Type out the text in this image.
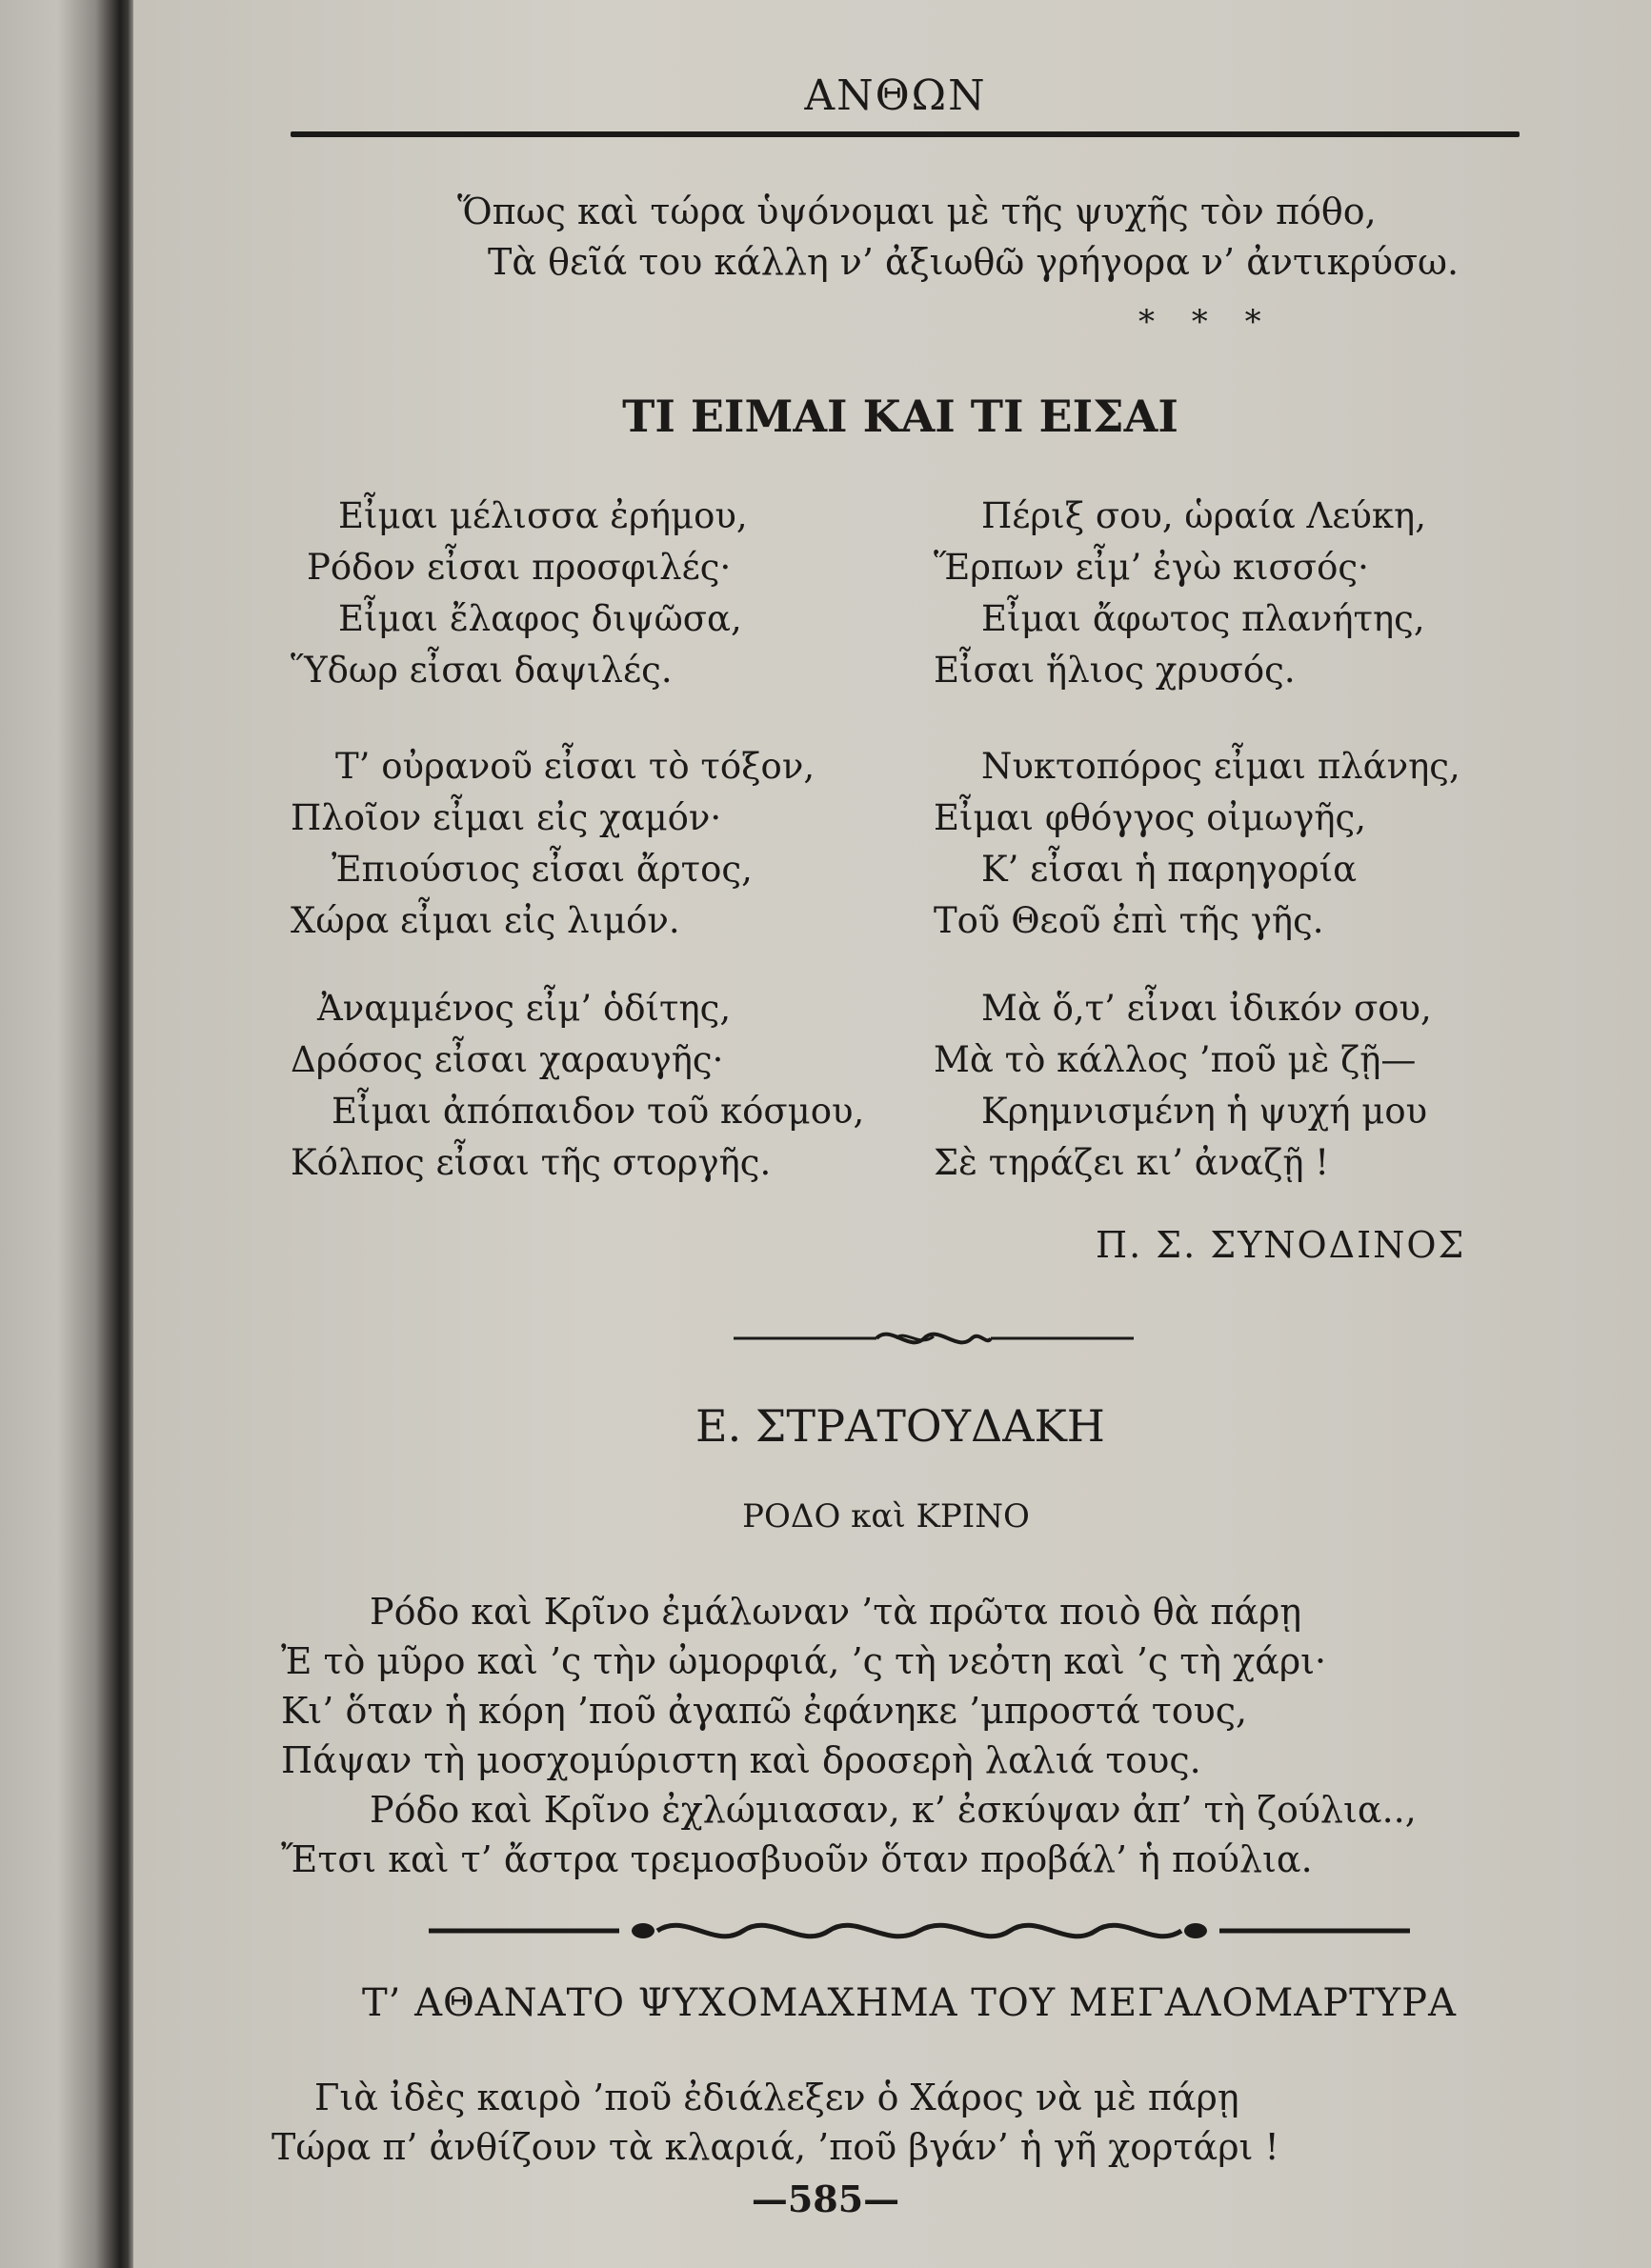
ΑΝΘΩΝ
Ὅπως καὶ τώρα ὑψόνομαι μὲ τῆς ψυχῆς τὸν πόθο,
Τὰ θεῖά του κάλλη ν’ ἀξιωθῶ γρήγορα ν’ ἀντικρύσω.
* * *
ΤΙ ΕΙΜΑΙ ΚΑΙ ΤΙ ΕΙΣΑΙ
Εἶμαι μέλισσα ἐρήμου,
Ρόδον εἶσαι προσφιλές·
Εἶμαι ἔλαφος διψῶσα,
Ὕδωρ εἶσαι δαψιλές.
Τ’ οὐρανοῦ εἶσαι τὸ τόξον,
Πλοῖον εἶμαι εἰς χαμόν·
Ἐπιούσιος εἶσαι ἄρτος,
Χώρα εἶμαι εἰς λιμόν.
Ἀναμμένος εἶμ’ ὁδίτης,
Δρόσος εἶσαι χαραυγῆς·
Εἶμαι ἀπόπαιδον τοῦ κόσμου,
Κόλπος εἶσαι τῆς στοργῆς.
Πέριξ σου, ὡραία Λεύκη,
Ἕρπων εἶμ’ ἐγὼ κισσός·
Εἶμαι ἄφωτος πλανήτης,
Εἶσαι ἥλιος χρυσός.
Νυκτοπόρος εἶμαι πλάνης,
Εἶμαι φθόγγος οἰμωγῆς,
Κ’ εἶσαι ἡ παρηγορία
Τοῦ Θεοῦ ἐπὶ τῆς γῆς.
Μὰ ὅ,τ’ εἶναι ἰδικόν σου,
Μὰ τὸ κάλλος ’ποῦ μὲ ζῇ—
Κρημνισμένη ἡ ψυχή μου
Σὲ τηράζει κι’ ἀναζῇ !
Π. Σ. ΣΥΝΟΔΙΝΟΣ
Ε. ΣΤΡΑΤΟΥΔΑΚΗ
ΡΟΔΟ καὶ ΚΡΙΝΟ
Ρόδο καὶ Κρῖνο ἐμάλωναν ’τὰ πρῶτα ποιὸ θὰ πάρῃ
Ἐ τὸ μῦρο καὶ ’ς τὴν ὠμορφιά, ’ς τὴ νεὀτη καὶ ’ς τὴ χάρι·
Κι’ ὅταν ἡ κόρη ’ποῦ ἀγαπῶ ἐφάνηκε ’μπροστά τους,
Πάψαν τὴ μοσχομύριστη καὶ δροσερὴ λαλιά τους.
Ρόδο καὶ Κρῖνο ἐχλώμιασαν, κ’ ἐσκύψαν ἀπ’ τὴ ζούλια..,
Ἔτσι καὶ τ’ ἄστρα τρεμοσβυοῦν ὅταν προβάλ’ ἡ πούλια.
Τ’ ΑΘΑΝΑΤΟ ΨΥΧΟΜΑΧΗΜΑ ΤΟΥ ΜΕΓΑΛΟΜΑΡΤΥΡΑ
Γιὰ ἰδὲς καιρὸ ’ποῦ ἐδιάλεξεν ὁ Χάρος νὰ μὲ πάρῃ
Τώρα π’ ἀνθίζουν τὰ κλαριά, ’ποῦ βγάν’ ἡ γῆ χορτάρι !
—585—
